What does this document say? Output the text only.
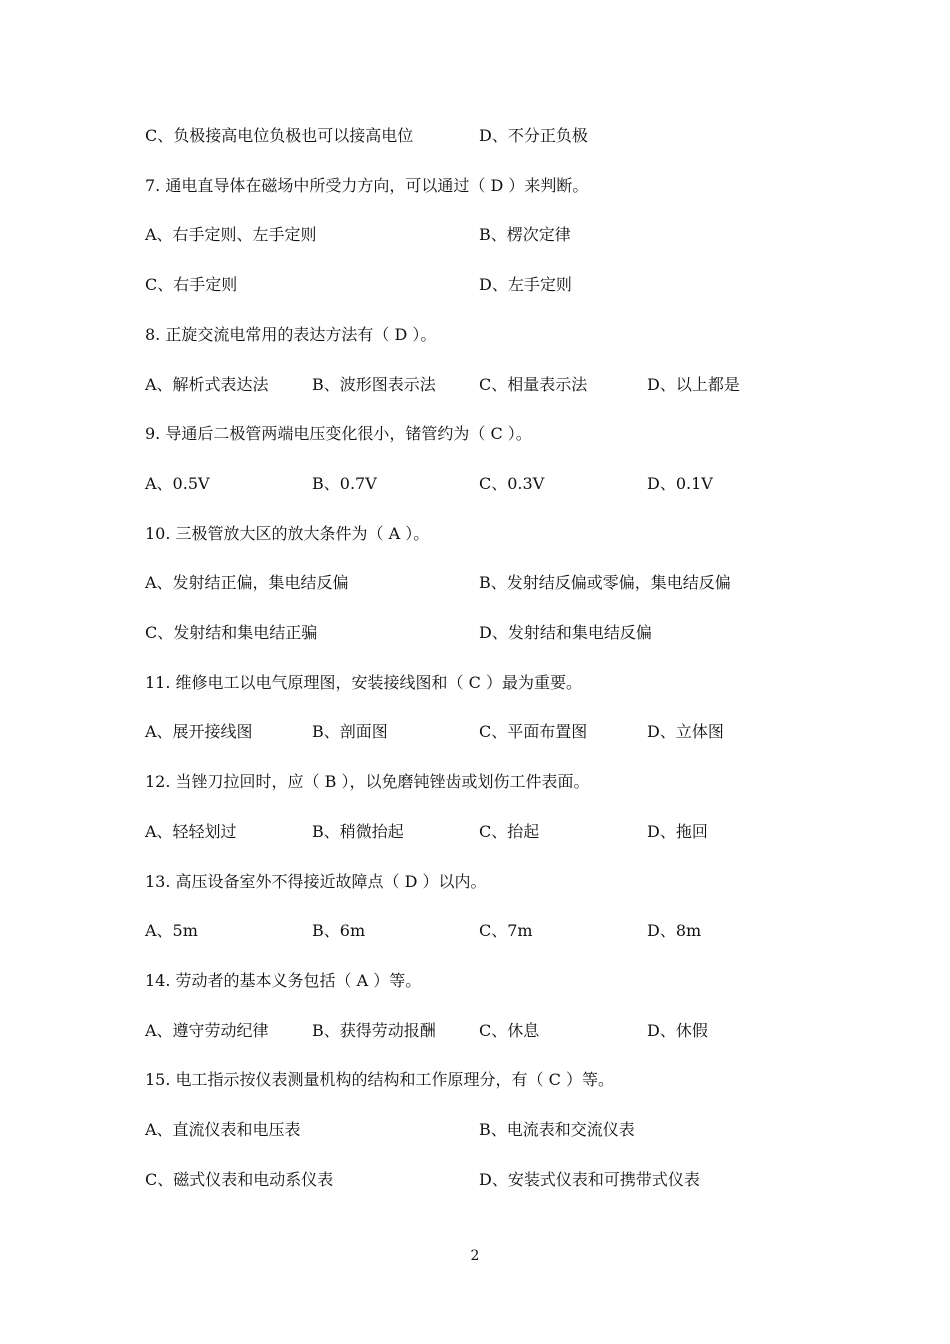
C、负极接高电位负极也可以接高电位	D、不分正负极
7. 通电直导体在磁场中所受力方向，可以通过（ D ）来判断。
A、右手定则、左手定则	B、楞次定律
C、右手定则	D、左手定则
8. 正旋交流电常用的表达方法有（ D ）。
A、解析式表达法	B、波形图表示法	C、相量表示法	D、以上都是
9. 导通后二极管两端电压变化很小，锗管约为（ C ）。
A、0.5V	B、0.7V	C、0.3V	D、0.1V
10. 三极管放大区的放大条件为（ A ）。
A、发射结正偏，集电结反偏	B、发射结反偏或零偏，集电结反偏
C、发射结和集电结正骗	D、发射结和集电结反偏
11. 维修电工以电气原理图，安装接线图和（ C ）最为重要。
A、展开接线图	B、剖面图	C、平面布置图	D、立体图
12. 当锉刀拉回时，应（ B ），以免磨钝锉齿或划伤工件表面。
A、轻轻划过	B、稍微抬起	C、抬起	D、拖回
13. 高压设备室外不得接近故障点（ D ）以内。
A、5m	B、6m	C、7m	D、8m
14. 劳动者的基本义务包括（ A ）等。
A、遵守劳动纪律	B、获得劳动报酬	C、休息	D、休假
15. 电工指示按仪表测量机构的结构和工作原理分，有（ C ）等。
A、直流仪表和电压表	B、电流表和交流仪表
C、磁式仪表和电动系仪表	D、安装式仪表和可携带式仪表
2
